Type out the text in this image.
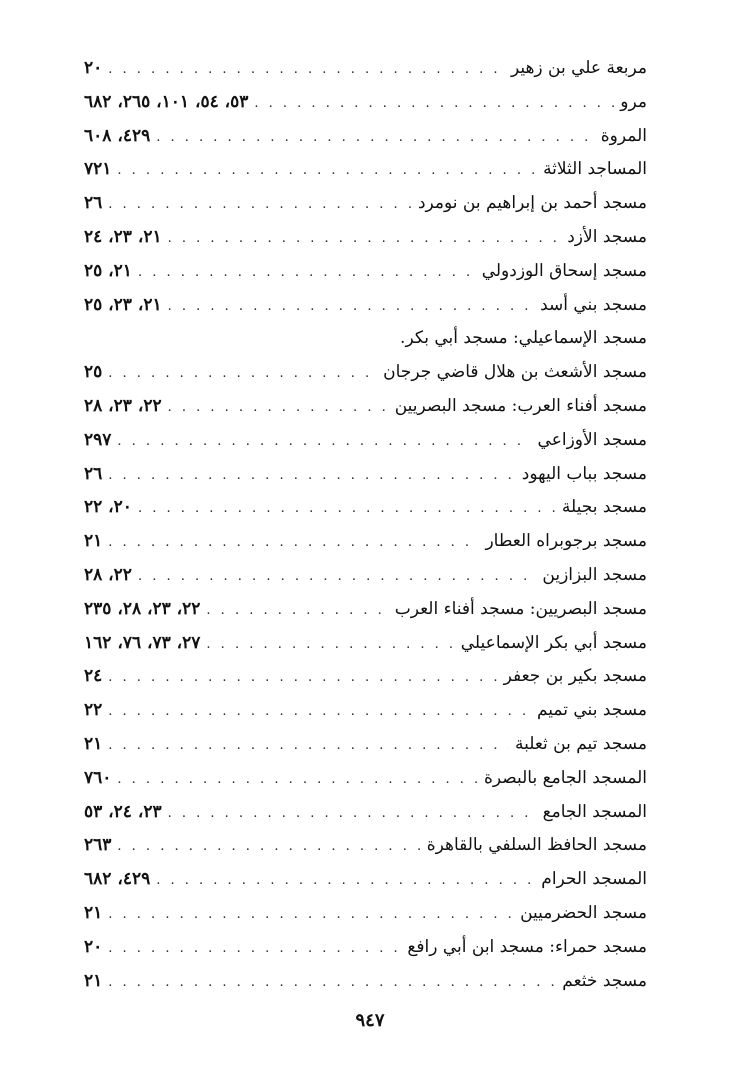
مربعة علي بن زهير
. . .
٢٠
مرو
. . .
٥٣، ٥٤، ١٠١، ٢٦٥، ٦٨٢
المروة
. . .
٤٢٩، ٦٠٨
المساجد الثلاثة
. . .
٧٢١
مسجد أحمد بن إبراهيم بن نومرد
. . .
٢٦
مسجد الأزد
. . .
٢١، ٢٣، ٢٤
مسجد إسحاق الوزدولي
. . .
٢١، ٢٥
مسجد بني أسد
. . .
٢١، ٢٣، ٢٥
مسجد الإسماعيلي: مسجد أبي بكر.
مسجد الأشعث بن هلال قاضي جرجان
. . .
٢٥
مسجد أفناء العرب: مسجد البصريين
. . .
٢٢، ٢٣، ٢٨
مسجد الأوزاعي
. . .
٢٩٧
مسجد بباب اليهود
. . .
٢٦
مسجد بجيلة
. . .
٢٠، ٢٢
مسجد برجوبراه العطار
. . .
٢١
مسجد البزازين
. . .
٢٢، ٢٨
مسجد البصريين: مسجد أفناء العرب
. . .
٢٢، ٢٣، ٢٨، ٢٣٥
مسجد أبي بكر الإسماعيلي
. . .
٢٧، ٧٣، ٧٦، ١٦٢
مسجد بكير بن جعفر
. . .
٢٤
مسجد بني تميم
. . .
٢٢
مسجد تيم بن ثعلبة
. . .
٢١
المسجد الجامع بالبصرة
. . .
٧٦٠
المسجد الجامع
. . .
٢٣، ٢٤، ٥٣
مسجد الحافظ السلفي بالقاهرة
. . .
٢٦٣
المسجد الحرام
. . .
٤٢٩، ٦٨٢
مسجد الحضرميين
. . .
٢١
مسجد حمراء: مسجد ابن أبي رافع
. . .
٢٠
مسجد خثعم
. . .
٢١
٩٤٧
